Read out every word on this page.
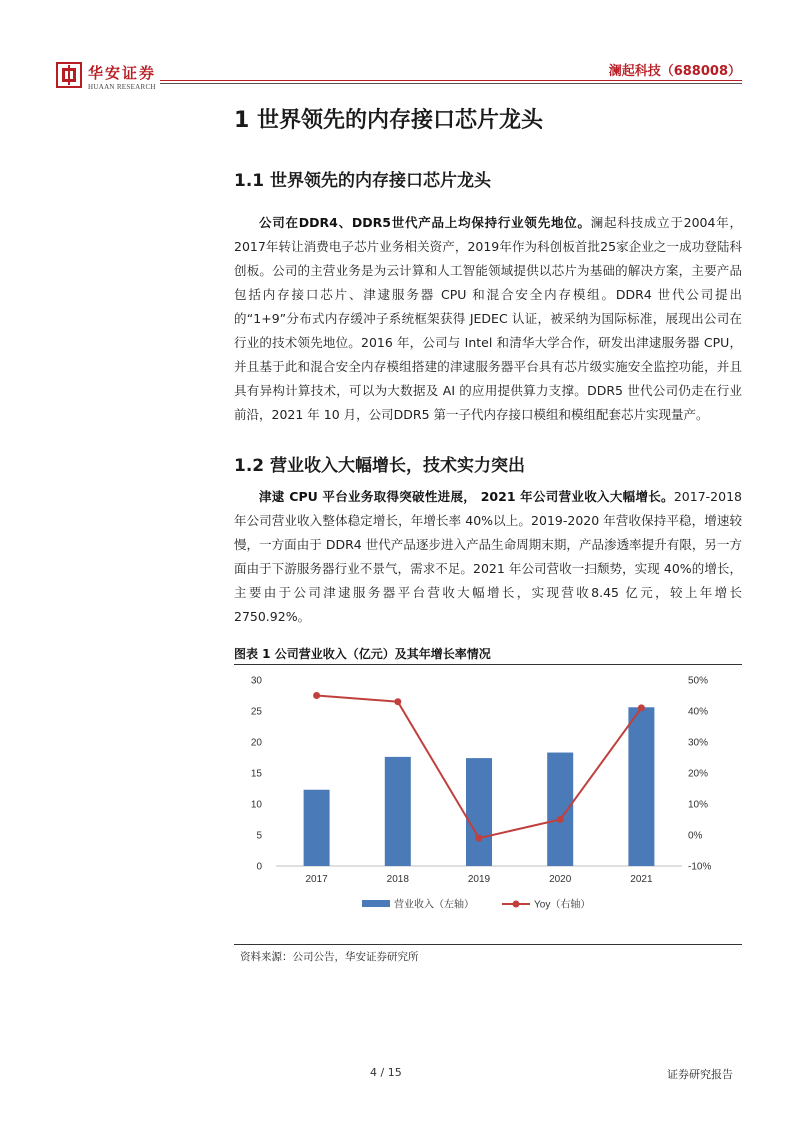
华安证券
HUAAN RESEARCH
澜起科技（688008）
1 世界领先的内存接口芯片龙头
1.1 世界领先的内存接口芯片龙头

公司在DDR4、DDR5世代产品上均保持行业领先地位。澜起科技成立于2004年，2017年转让消费电子芯片业务相关资产，2019年作为科创板首批25家企业之一成功登陆科创板。公司的主营业务是为云计算和人工智能领域提供以芯片为基础的解决方案，主要产品包括内存接口芯片、津逮服务器 CPU 和混合安全内存模组。DDR4 世代公司提出的“1+9”分布式内存缓冲子系统框架获得 JEDEC 认证，被采纳为国际标准，展现出公司在行业的技术领先地位。2016 年，公司与 Intel 和清华大学合作，研发出津逮服务器 CPU，并且基于此和混合安全内存模组搭建的津逮服务器平台具有芯片级实施安全监控功能，并且具有异构计算技术，可以为大数据及 AI 的应用提供算力支撑。DDR5 世代公司仍走在行业前沿，2021 年 10 月，公司DDR5 第一子代内存接口模组和模组配套芯片实现量产。

1.2 营业收入大幅增长，技术实力突出

津逮 CPU 平台业务取得突破性进展， 2021 年公司营业收入大幅增长。2017-2018 年公司营业收入整体稳定增长，年增长率 40%以上。2019-2020 年营收保持平稳，增速较慢，一方面由于 DDR4 世代产品逐步进入产品生命周期末期，产品渗透率提升有限，另一方面由于下游服务器行业不景气，需求不足。2021 年公司营收一扫颓势，实现 40%的增长，主要由于公司津逮服务器平台营收大幅增长，实现营收8.45 亿元，较上年增长 2750.92%。

图表 1 公司营业收入（亿元）及其年增长率情况
0
5
10
15
20
25
30
-10%
0%
10%
20%
30%
40%
50%
2017	2018	2019	2020	2021
营业收入（左轴）	Yoy（右轴）
资料来源：公司公告，华安证券研究所
4 / 15	证券研究报告
